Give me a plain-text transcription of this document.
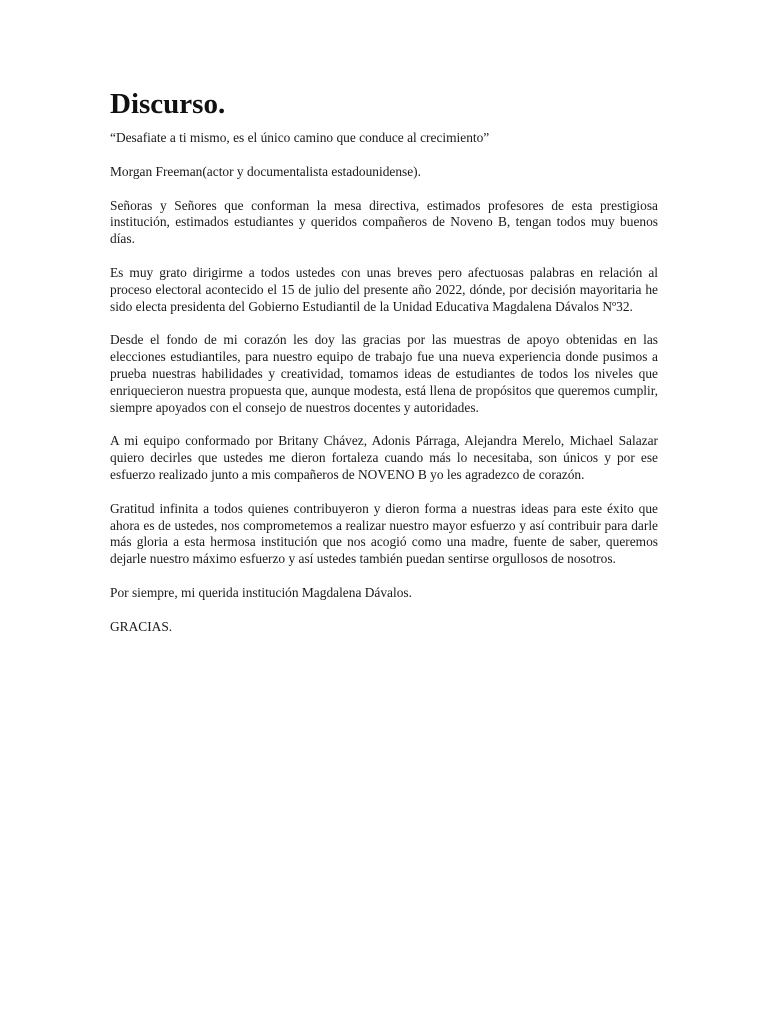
Discurso.

“Desafiate a ti mismo, es el único camino que conduce al crecimiento”

Morgan Freeman(actor y documentalista estadounidense).

Señoras y Señores que conforman la mesa directiva, estimados profesores de esta prestigiosa institución, estimados estudiantes y queridos compañeros de Noveno B, tengan todos muy buenos días.

Es muy grato dirigirme a todos ustedes con unas breves pero afectuosas palabras en relación al proceso electoral acontecido el 15 de julio del presente año 2022, dónde, por decisión mayoritaria he sido electa presidenta del Gobierno Estudiantil de la Unidad Educativa Magdalena Dávalos Nº32.

Desde el fondo de mi corazón les doy las gracias por las muestras de apoyo obtenidas en las elecciones estudiantiles, para nuestro equipo de trabajo fue una nueva experiencia donde pusimos a prueba nuestras habilidades y creatividad, tomamos ideas de estudiantes de todos los niveles que enriquecieron nuestra propuesta que, aunque modesta, está llena de propósitos que queremos cumplir, siempre apoyados con el consejo de nuestros docentes y autoridades.

A mi equipo conformado por Britany Chávez, Adonis Párraga, Alejandra Merelo, Michael Salazar quiero decirles que ustedes me dieron fortaleza cuando más lo necesitaba, son únicos y por ese esfuerzo realizado junto a mis compañeros de NOVENO B yo les agradezco de corazón.

Gratitud infinita a todos quienes contribuyeron y dieron forma a nuestras ideas para este éxito que ahora es de ustedes, nos comprometemos a realizar nuestro mayor esfuerzo y así contribuir para darle más gloria a esta hermosa institución que nos acogió como una madre, fuente de saber, queremos dejarle nuestro máximo esfuerzo y así ustedes también puedan sentirse orgullosos de nosotros.

Por siempre, mi querida institución Magdalena Dávalos.

GRACIAS.
